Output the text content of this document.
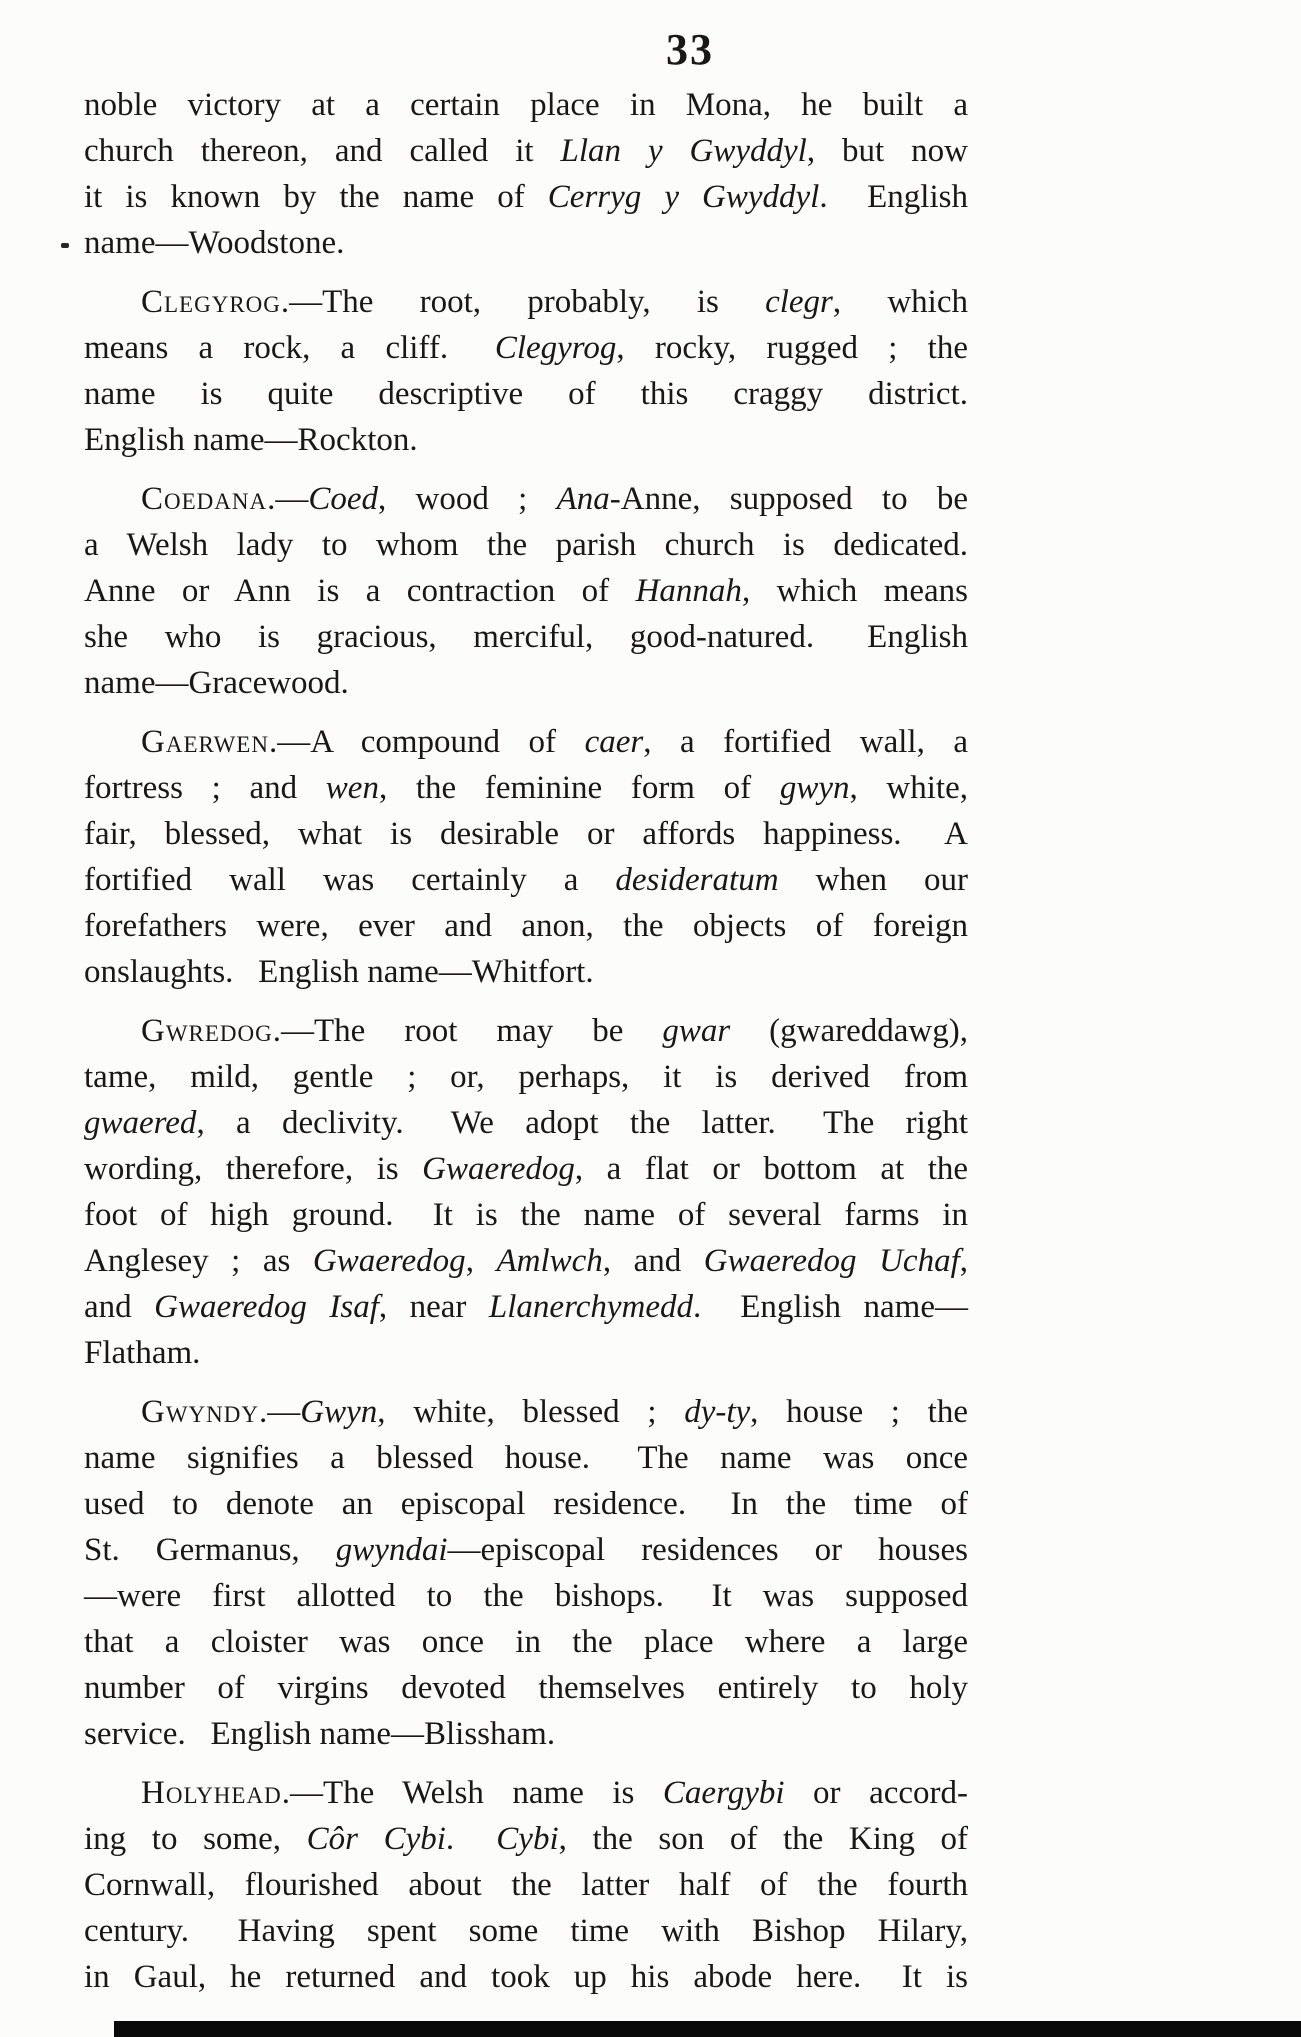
33
noble victory at a certain place in Mona, he built a
church thereon, and called it Llan y Gwyddyl, but now
it is known by the name of Cerryg y Gwyddyl.  English
name—Woodstone.
Clegyrog.—The root, probably, is clegr, which
means a rock, a cliff.  Clegyrog, rocky, rugged ; the
name is quite descriptive of this craggy district.
English name—Rockton.
Coedana.—Coed, wood ; Ana-Anne, supposed to be
a Welsh lady to whom the parish church is dedicated.
Anne or Ann is a contraction of Hannah, which means
she who is gracious, merciful, good-natured.  English
name—Gracewood.
Gaerwen.—A compound of caer, a fortified wall, a
fortress ; and wen, the feminine form of gwyn, white,
fair, blessed, what is desirable or affords happiness.  A
fortified wall was certainly a desideratum when our
forefathers were, ever and anon, the objects of foreign
onslaughts.  English name—Whitfort.
Gwredog.—The root may be gwar (gwareddawg),
tame, mild, gentle ; or, perhaps, it is derived from
gwaered, a declivity.  We adopt the latter.  The right
wording, therefore, is Gwaeredog, a flat or bottom at the
foot of high ground.  It is the name of several farms in
Anglesey ; as Gwaeredog, Amlwch, and Gwaeredog Uchaf,
and Gwaeredog Isaf, near Llanerchymedd.  English name—
Flatham.
Gwyndy.—Gwyn, white, blessed ; dy-ty, house ; the
name signifies a blessed house.  The name was once
used to denote an episcopal residence.  In the time of
St. Germanus, gwyndai—episcopal residences or houses
—were first allotted to the bishops.  It was supposed
that a cloister was once in the place where a large
number of virgins devoted themselves entirely to holy
service.  English name—Blissham.
Holyhead.—The Welsh name is Caergybi or accord-
ing to some, Côr Cybi.  Cybi, the son of the King of
Cornwall, flourished about the latter half of the fourth
century.  Having spent some time with Bishop Hilary,
in Gaul, he returned and took up his abode here.  It is
